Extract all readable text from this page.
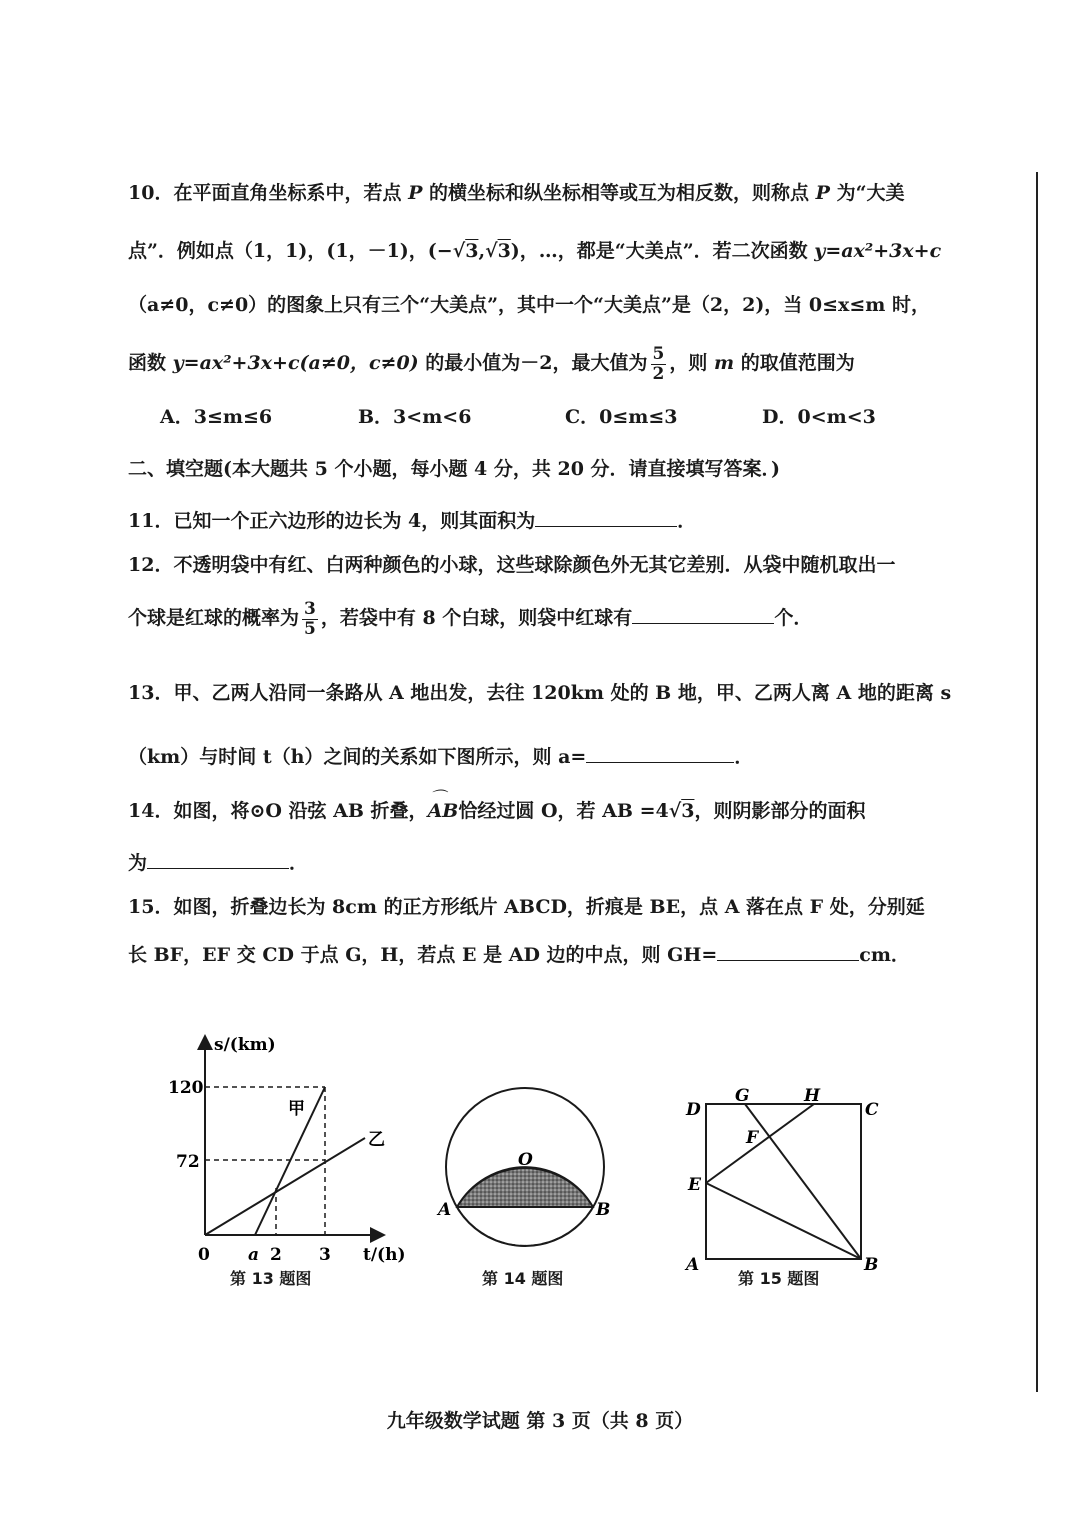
10．在平面直角坐标系中，若点 P 的横坐标和纵坐标相等或互为相反数，则称点 P 为“大美
点”．例如点（1，1)，(1，－1)，(−√3,√3)，…，都是“大美点”．若二次函数 y=ax²+3x+c
（a≠0，c≠0）的图象上只有三个“大美点”，其中一个“大美点”是（2，2)，当 0≤x≤m 时，
函数 y=ax²+3x+c(a≠0，c≠0) 的最小值为－2，最大值为 $\frac{5}{2}$ ，则 m 的取值范围为
A．3≤m≤6	B．3<m<6	C．0≤m≤3	D．0<m<3
二、填空题(本大题共 5 个小题，每小题 4 分，共 20 分．请直接填写答案．)
11．已知一个正六边形的边长为 4，则其面积为	．
12．不透明袋中有红、白两种颜色的小球，这些球除颜色外无其它差别．从袋中随机取出一
个球是红球的概率为 $\frac{3}{5}$ ，若袋中有 8 个白球，则袋中红球有	个．
13．甲、乙两人沿同一条路从 A 地出发，去往 120km 处的 B 地，甲、乙两人离 A 地的距离 s
（km）与时间 t（h）之间的关系如下图所示，则 a=	．
14．如图，将⊙O 沿弦 AB 折叠，⌒ AB恰经过圆 O，若 AB =4√3，则阴影部分的面积
为	．
15．如图，折叠边长为 8cm 的正方形纸片 ABCD，折痕是 BE，点 A 落在点 F 处，分别延
长 BF，EF 交 CD 于点 G，H，若点 E 是 AD 边的中点，则 GH=	cm．
120
72
s/(km)
t/(h)
0 a 2 3
甲
乙
第 13 题图
O
A	B
第 14 题图
G	H
D	C
F
E
A	B
第 15 题图
九年级数学试题 第 3 页（共 8 页）
